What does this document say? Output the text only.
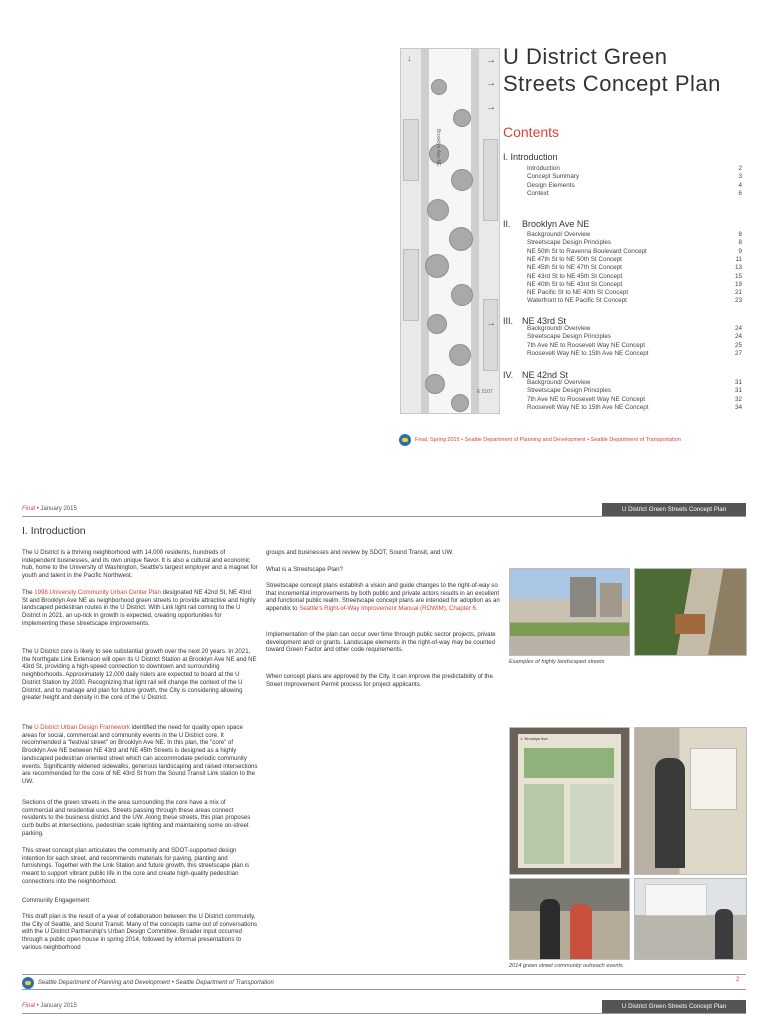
↓
Brooklyn Ave NE
E 5107
→
→
→
→
U District Green
Streets Concept Plan
Contents
I. Introduction
Introduction	2
Concept Summary	3
Design Elements	4
Context	6
II. Brooklyn Ave NE
Background/ Overview	8
Streetscape Design Principles	8
NE 50th St to Ravenna Boulevard Concept	9
NE 47th St to NE 50th St Concept	11
NE 45th St to NE 47th St Concept	13
NE 43rd St to NE 45th St Concept	15
NE 40th St to NE 43rd St Concept	19
NE Pacific St to NE 40th St Concept	21
Waterfront to NE Pacific St Concept	23
III. NE 43rd St
Background/ Overview	24
Streetscape Design Principles	24
7th Ave NE to Roosevelt Way NE Concept	25
Roosevelt Way NE to 15th Ave NE Concept	27
IV. NE 42nd St
Background/ Overview	31
Streetscape Design Principles	31
7th Ave NE to Roosevelt Way NE Concept	32
Roosevelt Way NE to 15th Ave NE Concept	34
Final, Spring 2015 • Seattle Department of Planning and Development • Seattle Department of Transportation
Final • January 2015	U District Green Streets Concept Plan
I. Introduction

The U District is a thriving neighborhood with 14,000 residents, hundreds of independent businesses, and its own unique flavor. It is also a cultural and economic hub, home to the University of Washington, Seattle's largest employer and a magnet for youth and talent in the Pacific Northwest.

The 1998 University Community Urban Center Plan designated NE 42nd St, NE 43rd St and Brooklyn Ave NE as neighborhood green streets to provide attractive and highly landscaped pedestrian routes in the U District. With Link light rail coming to the U District in 2021, an up-tick in growth is expected, creating opportunities for implementing these streetscape improvements.

The U District core is likely to see substantial growth over the next 20 years. In 2021, the Northgate Link Extension will open its U District Station at Brooklyn Ave NE and NE 43rd St, providing a high-speed connection to downtown and surrounding neighborhoods. Approximately 12,000 daily riders are expected to board at the U District Station by 2030. Recognizing that light rail will change the context of the U District, and to manage and plan for future growth, the City is considering allowing greater height and density in the core of the U District.

The U District Urban Design Framework identified the need for quality open space areas for social, commercial and community events in the U District core. It recommended a "festival street" on Brooklyn Ave NE. In this plan, the "core" of Brooklyn Ave NE between NE 43rd and NE 45th Streets is designed as a highly landscaped pedestrian oriented street which can accommodate periodic community events. Significantly widened sidewalks, generous landscaping and raised intersections are recommended for the core of NE 43rd St from the Sound Transit Link station to the UW.

Sections of the green streets in the area surrounding the core have a mix of commercial and residential uses. Streets passing through these areas connect residents to the business district and the UW. Along these streets, this plan proposes curb bulbs at intersections, pedestrian scale lighting and maintaining some on-street parking.

This street concept plan articulates the community and SDOT-supported design intention for each street, and recommends materials for paving, planting and furnishings. Together with the Link Station and future growth, this streetscape plan is meant to support vibrant public life in the core and create high-quality pedestrian connections into the neighborhood.

Community Engagement

This draft plan is the result of a year of collaboration between the U District community, the City of Seattle, and Sound Transit. Many of the concepts came out of conversations with the U District Partnership's Urban Design Committee. Broader input occurred through a public open house in spring 2014, followed by informal presentations to various neighborhood

groups and businesses and review by SDOT, Sound Transit, and UW.

What is a Streetscape Plan?

Streetscape concept plans establish a vision and guide changes to the right-of-way so that incremental improvements by both public and private actors results in an excellent and functional public realm. Streetscape concept plans are intended for adoption as an appendix to Seattle's Right-of-Way Improvement Manual (ROWIM), Chapter 6.

Implementation of the plan can occur over time through public sector projects, private development and/ or grants. Landscape elements in the right-of-way may be counted toward Green Factor and other code requirements.

When concept plans are approved by the City, it can improve the predictability of the Street Improvement Permit process for project applicants.

Examples of highly landscaped streets
1. Brooklyn Ave
2014 green street community outreach events
Seattle Department of Planning and Development • Seattle Department of Transportation	2
Final • January 2015	U District Green Streets Concept Plan
